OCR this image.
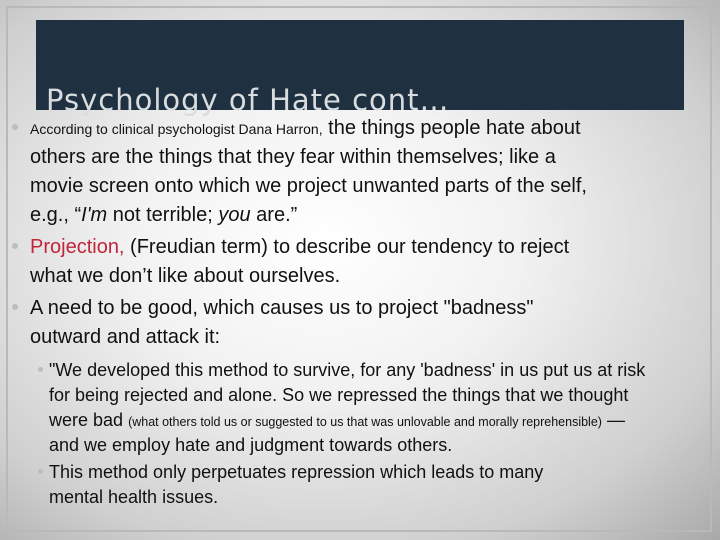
Psychology of Hate cont…
According to clinical psychologist Dana Harron, the things people hate about
others are the things that they fear within themselves; like a
movie screen onto which we project unwanted parts of the self,
e.g., “I'm not terrible; you are.”
Projection, (Freudian term) to describe our tendency to reject
what we don’t like about ourselves.
A need to be good, which causes us to project "badness"
outward and attack it:
"We developed this method to survive, for any 'badness' in us put us at risk
for being rejected and alone. So we repressed the things that we thought
were bad (what others told us or suggested to us that was unlovable and morally reprehensible) —
and we employ hate and judgment towards others.
This method only perpetuates repression which leads to many
mental health issues.
